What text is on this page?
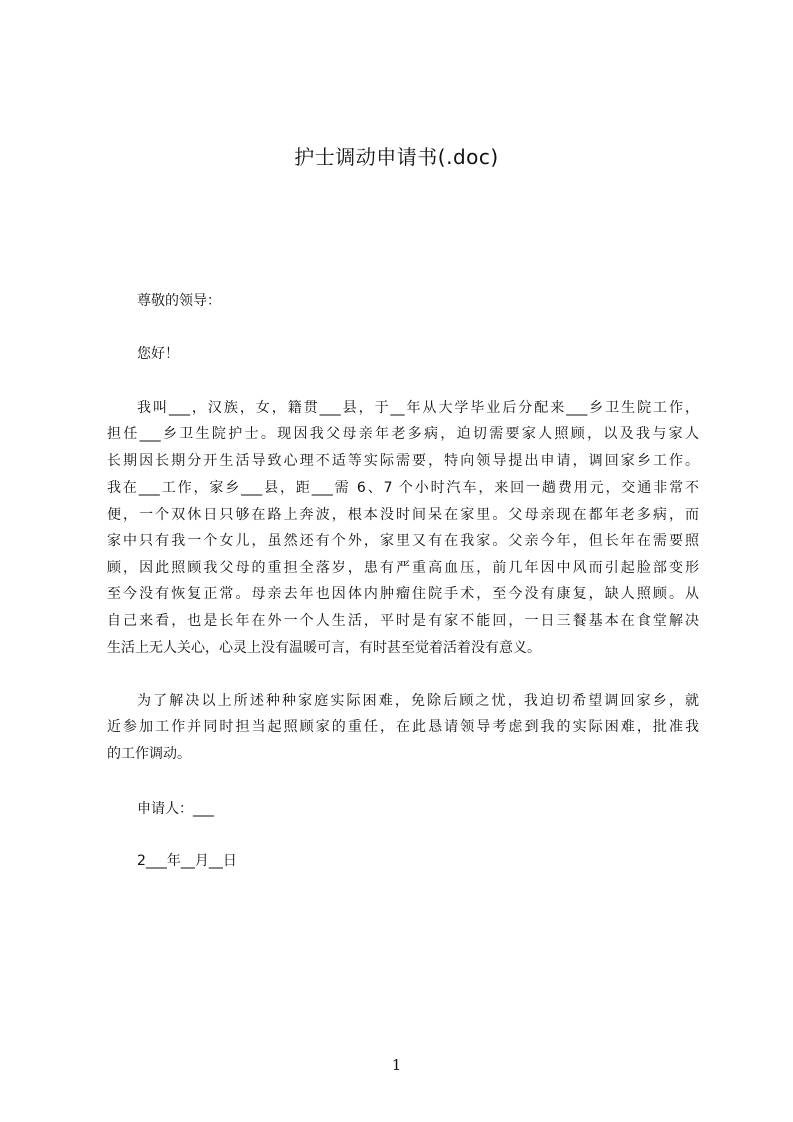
护士调动申请书(.doc)
尊敬的领导：
您好！
我叫___，汉族，女，籍贯___县，于__年从大学毕业后分配来___乡卫生院工作，
担任___乡卫生院护士。现因我父母亲年老多病，迫切需要家人照顾，以及我与家人
长期因长期分开生活导致心理不适等实际需要，特向领导提出申请，调回家乡工作。
我在___工作，家乡___县，距___需 6、7 个小时汽车，来回一趟费用元，交通非常不
便，一个双休日只够在路上奔波，根本没时间呆在家里。父母亲现在都年老多病，而
家中只有我一个女儿，虽然还有个外，家里又有在我家。父亲今年，但长年在需要照
顾，因此照顾我父母的重担全落岁，患有严重高血压，前几年因中风而引起脸部变形
至今没有恢复正常。母亲去年也因体内肿瘤住院手术，至今没有康复，缺人照顾。从
自己来看，也是长年在外一个人生活，平时是有家不能回，一日三餐基本在食堂解决
生活上无人关心，心灵上没有温暖可言，有时甚至觉着活着没有意义。
为了解决以上所述种种家庭实际困难，免除后顾之忧，我迫切希望调回家乡，就
近参加工作并同时担当起照顾家的重任，在此恳请领导考虑到我的实际困难，批准我
的工作调动。
申请人：___
2___年__月__日
1
